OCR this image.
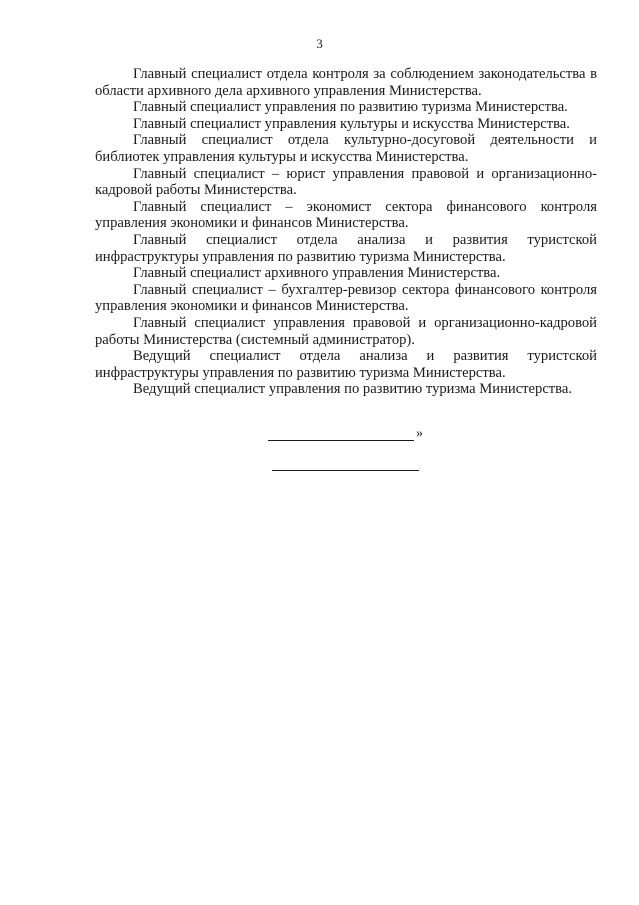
3

Главный специалист отдела контроля за соблюдением законодательства в области архивного дела архивного управления Министерства.

Главный специалист управления по развитию туризма Министерства.

Главный специалист управления культуры и искусства Министерства.

Главный специалист отдела культурно-досуговой деятельности и библиотек управления культуры и искусства Министерства.

Главный специалист – юрист управления правовой и организационно-кадровой работы Министерства.

Главный специалист – экономист сектора финансового контроля управления экономики и финансов Министерства.

Главный специалист отдела анализа и развития туристской инфраструктуры управления по развитию туризма Министерства.

Главный специалист архивного управления Министерства.

Главный специалист – бухгалтер-ревизор сектора финансового контроля управления экономики и финансов Министерства.

Главный специалист управления правовой и организационно-кадровой работы Министерства (системный администратор).

Ведущий специалист отдела анализа и развития туристской инфраструктуры управления по развитию туризма Министерства.

Ведущий специалист управления по развитию туризма Министерства.

»
